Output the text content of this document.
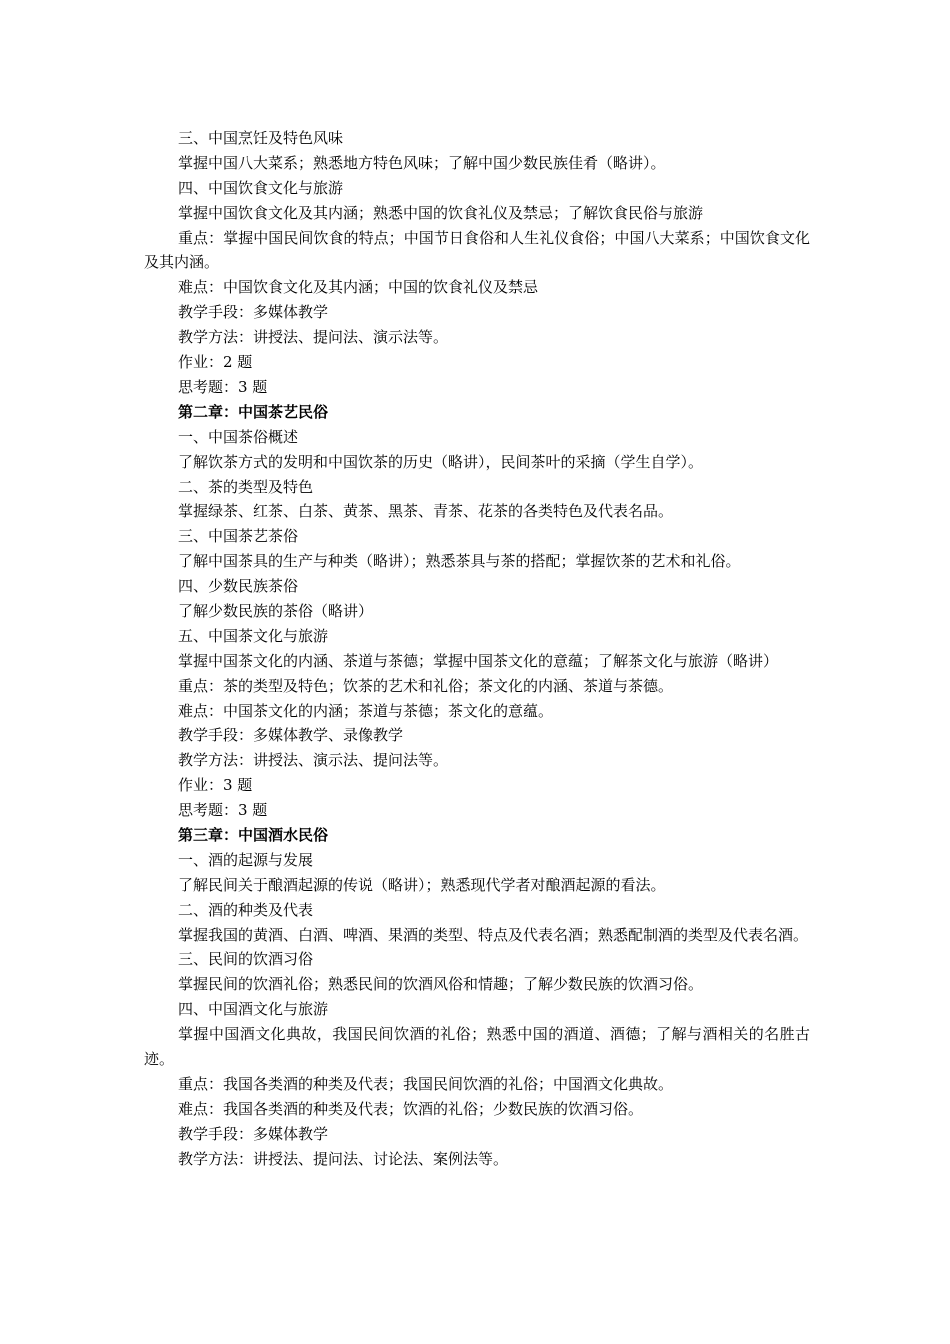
三、中国烹饪及特色风味
掌握中国八大菜系；熟悉地方特色风味；了解中国少数民族佳肴（略讲）。
四、中国饮食文化与旅游
掌握中国饮食文化及其内涵；熟悉中国的饮食礼仪及禁忌；了解饮食民俗与旅游
重点：掌握中国民间饮食的特点；中国节日食俗和人生礼仪食俗；中国八大菜系；中国饮食文化及其内涵。
难点：中国饮食文化及其内涵；中国的饮食礼仪及禁忌
教学手段：多媒体教学
教学方法：讲授法、提问法、演示法等。
作业：2 题
思考题：3 题
第二章：中国茶艺民俗
一、中国茶俗概述
了解饮茶方式的发明和中国饮茶的历史（略讲），民间茶叶的采摘（学生自学）。
二、茶的类型及特色
掌握绿茶、红茶、白茶、黄茶、黑茶、青茶、花茶的各类特色及代表名品。
三、中国茶艺茶俗
了解中国茶具的生产与种类（略讲）；熟悉茶具与茶的搭配；掌握饮茶的艺术和礼俗。
四、少数民族茶俗
了解少数民族的茶俗（略讲）
五、中国茶文化与旅游
掌握中国茶文化的内涵、茶道与茶德；掌握中国茶文化的意蕴；了解茶文化与旅游（略讲）
重点：茶的类型及特色；饮茶的艺术和礼俗；茶文化的内涵、茶道与茶德。
难点：中国茶文化的内涵；茶道与茶德；茶文化的意蕴。
教学手段：多媒体教学、录像教学
教学方法：讲授法、演示法、提问法等。
作业：3 题
思考题：3 题
第三章：中国酒水民俗
一、酒的起源与发展
了解民间关于酿酒起源的传说（略讲）；熟悉现代学者对酿酒起源的看法。
二、酒的种类及代表
掌握我国的黄酒、白酒、啤酒、果酒的类型、特点及代表名酒；熟悉配制酒的类型及代表名酒。
三、民间的饮酒习俗
掌握民间的饮酒礼俗；熟悉民间的饮酒风俗和情趣；了解少数民族的饮酒习俗。
四、中国酒文化与旅游
掌握中国酒文化典故，我国民间饮酒的礼俗；熟悉中国的酒道、酒德；了解与酒相关的名胜古迹。
重点：我国各类酒的种类及代表；我国民间饮酒的礼俗；中国酒文化典故。
难点：我国各类酒的种类及代表；饮酒的礼俗；少数民族的饮酒习俗。
教学手段：多媒体教学
教学方法：讲授法、提问法、讨论法、案例法等。
